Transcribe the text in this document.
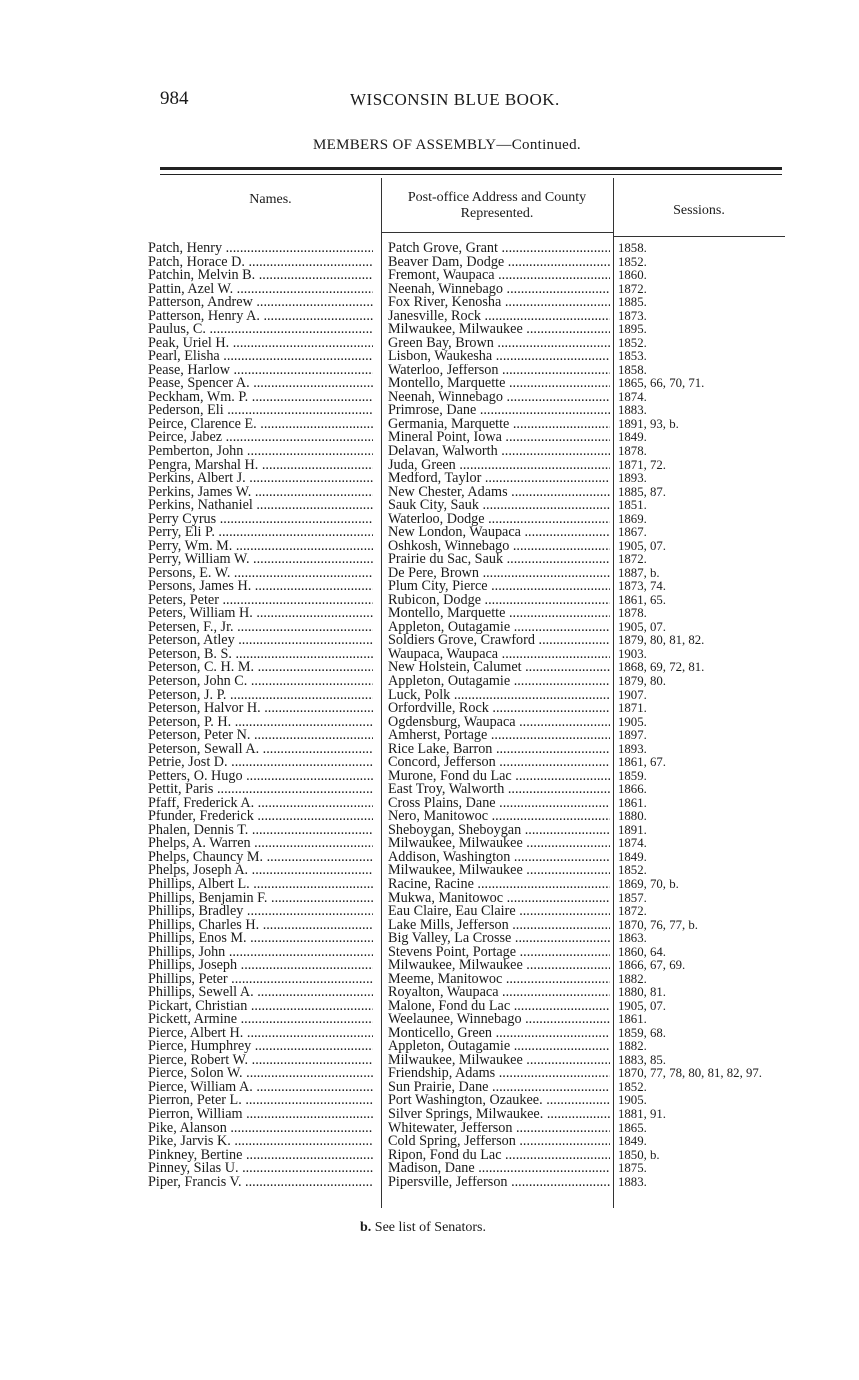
984	WISCONSIN BLUE BOOK.
MEMBERS OF ASSEMBLY—Continued.
Names.	Post-office Address and County Represented.	Sessions.
Patch, Henry .....	Patch Grove, Grant .....	1858.
Patch, Horace D. .....	Beaver Dam, Dodge .....	1852.
Patchin, Melvin B. .....	Fremont, Waupaca .....	1860.
Pattin, Azel W. .....	Neenah, Winnebago .....	1872.
Patterson, Andrew .....	Fox River, Kenosha .....	1885.
Patterson, Henry A. .....	Janesville, Rock .....	1873.
Paulus, C. .....	Milwaukee, Milwaukee .....	1895.
Peak, Uriel H. .....	Green Bay, Brown .....	1852.
Pearl, Elisha .....	Lisbon, Waukesha .....	1853.
Pease, Harlow .....	Waterloo, Jefferson .....	1858.
Pease, Spencer A. .....	Montello, Marquette .....	1865, 66, 70, 71.
Peckham, Wm. P. .....	Neenah, Winnebago .....	1874.
Pederson, Eli .....	Primrose, Dane .....	1883.
Peirce, Clarence E. .....	Germania, Marquette .....	1891, 93, b.
Peirce, Jabez .....	Mineral Point, Iowa .....	1849.
Pemberton, John .....	Delavan, Walworth .....	1878.
Pengra, Marshal H. .....	Juda, Green .....	1871, 72.
Perkins, Albert J. .....	Medford, Taylor .....	1893.
Perkins, James W. .....	New Chester, Adams .....	1885, 87.
Perkins, Nathaniel .....	Sauk City, Sauk .....	1851.
Perry Cyrus .....	Waterloo, Dodge .....	1869.
Perry, Eli P. .....	New London, Waupaca .....	1867.
Perry, Wm. M. .....	Oshkosh, Winnebago .....	1905, 07.
Perry, William W. .....	Prairie du Sac, Sauk .....	1872.
Persons, E. W. .....	De Pere, Brown .....	1887, b.
Persons, James H. .....	Plum City, Pierce .....	1873, 74.
Peters, Peter .....	Rubicon, Dodge .....	1861, 65.
Peters, William H. .....	Montello, Marquette .....	1878.
Petersen, F., Jr. .....	Appleton, Outagamie .....	1905, 07.
Peterson, Atley .....	Soldiers Grove, Crawford .....	1879, 80, 81, 82.
Peterson, B. S. .....	Waupaca, Waupaca .....	1903.
Peterson, C. H. M. .....	New Holstein, Calumet .....	1868, 69, 72, 81.
Peterson, John C. .....	Appleton, Outagamie .....	1879, 80.
Peterson, J. P. .....	Luck, Polk .....	1907.
Peterson, Halvor H. .....	Orfordville, Rock .....	1871.
Peterson, P. H. .....	Ogdensburg, Waupaca .....	1905.
Peterson, Peter N. .....	Amherst, Portage .....	1897.
Peterson, Sewall A. .....	Rice Lake, Barron .....	1893.
Petrie, Jost D. .....	Concord, Jefferson .....	1861, 67.
Petters, O. Hugo .....	Murone, Fond du Lac .....	1859.
Pettit, Paris .....	East Troy, Walworth .....	1866.
Pfaff, Frederick A. .....	Cross Plains, Dane .....	1861.
Pfunder, Frederick .....	Nero, Manitowoc .....	1880.
Phalen, Dennis T. .....	Sheboygan, Sheboygan .....	1891.
Phelps, A. Warren .....	Milwaukee, Milwaukee .....	1874.
Phelps, Chauncy M. .....	Addison, Washington .....	1849.
Phelps, Joseph A. .....	Milwaukee, Milwaukee .....	1852.
Phillips, Albert L. .....	Racine, Racine .....	1869, 70, b.
Phillips, Benjamin F. .....	Mukwa, Manitowoc .....	1857.
Phillips, Bradley .....	Eau Claire, Eau Claire .....	1872.
Phillips, Charles H. .....	Lake Mills, Jefferson .....	1870, 76, 77, b.
Phillips, Enos M. .....	Big Valley, La Crosse .....	1863.
Phillips, John .....	Stevens Point, Portage .....	1860, 64.
Phillips, Joseph .....	Milwaukee, Milwaukee .....	1866, 67, 69.
Phillips, Peter .....	Meeme, Manitowoc .....	1882.
Phillips, Sewell A. .....	Royalton, Waupaca .....	1880, 81.
Pickart, Christian .....	Malone, Fond du Lac .....	1905, 07.
Pickett, Armine .....	Weelaunee, Winnebago .....	1861.
Pierce, Albert H. .....	Monticello, Green .....	1859, 68.
Pierce, Humphrey .....	Appleton, Outagamie .....	1882.
Pierce, Robert W. .....	Milwaukee, Milwaukee .....	1883, 85.
Pierce, Solon W. .....	Friendship, Adams .....	1870, 77, 78, 80, 81, 82, 97.
Pierce, William A. .....	Sun Prairie, Dane .....	1852.
Pierron, Peter L. .....	Port Washington, Ozaukee. .....	1905.
Pierron, William .....	Silver Springs, Milwaukee. .....	1881, 91.
Pike, Alanson .....	Whitewater, Jefferson .....	1865.
Pike, Jarvis K. .....	Cold Spring, Jefferson .....	1849.
Pinkney, Bertine .....	Ripon, Fond du Lac .....	1850, b.
Pinney, Silas U. .....	Madison, Dane .....	1875.
Piper, Francis V. .....	Pipersville, Jefferson .....	1883.
b. See list of Senators.
